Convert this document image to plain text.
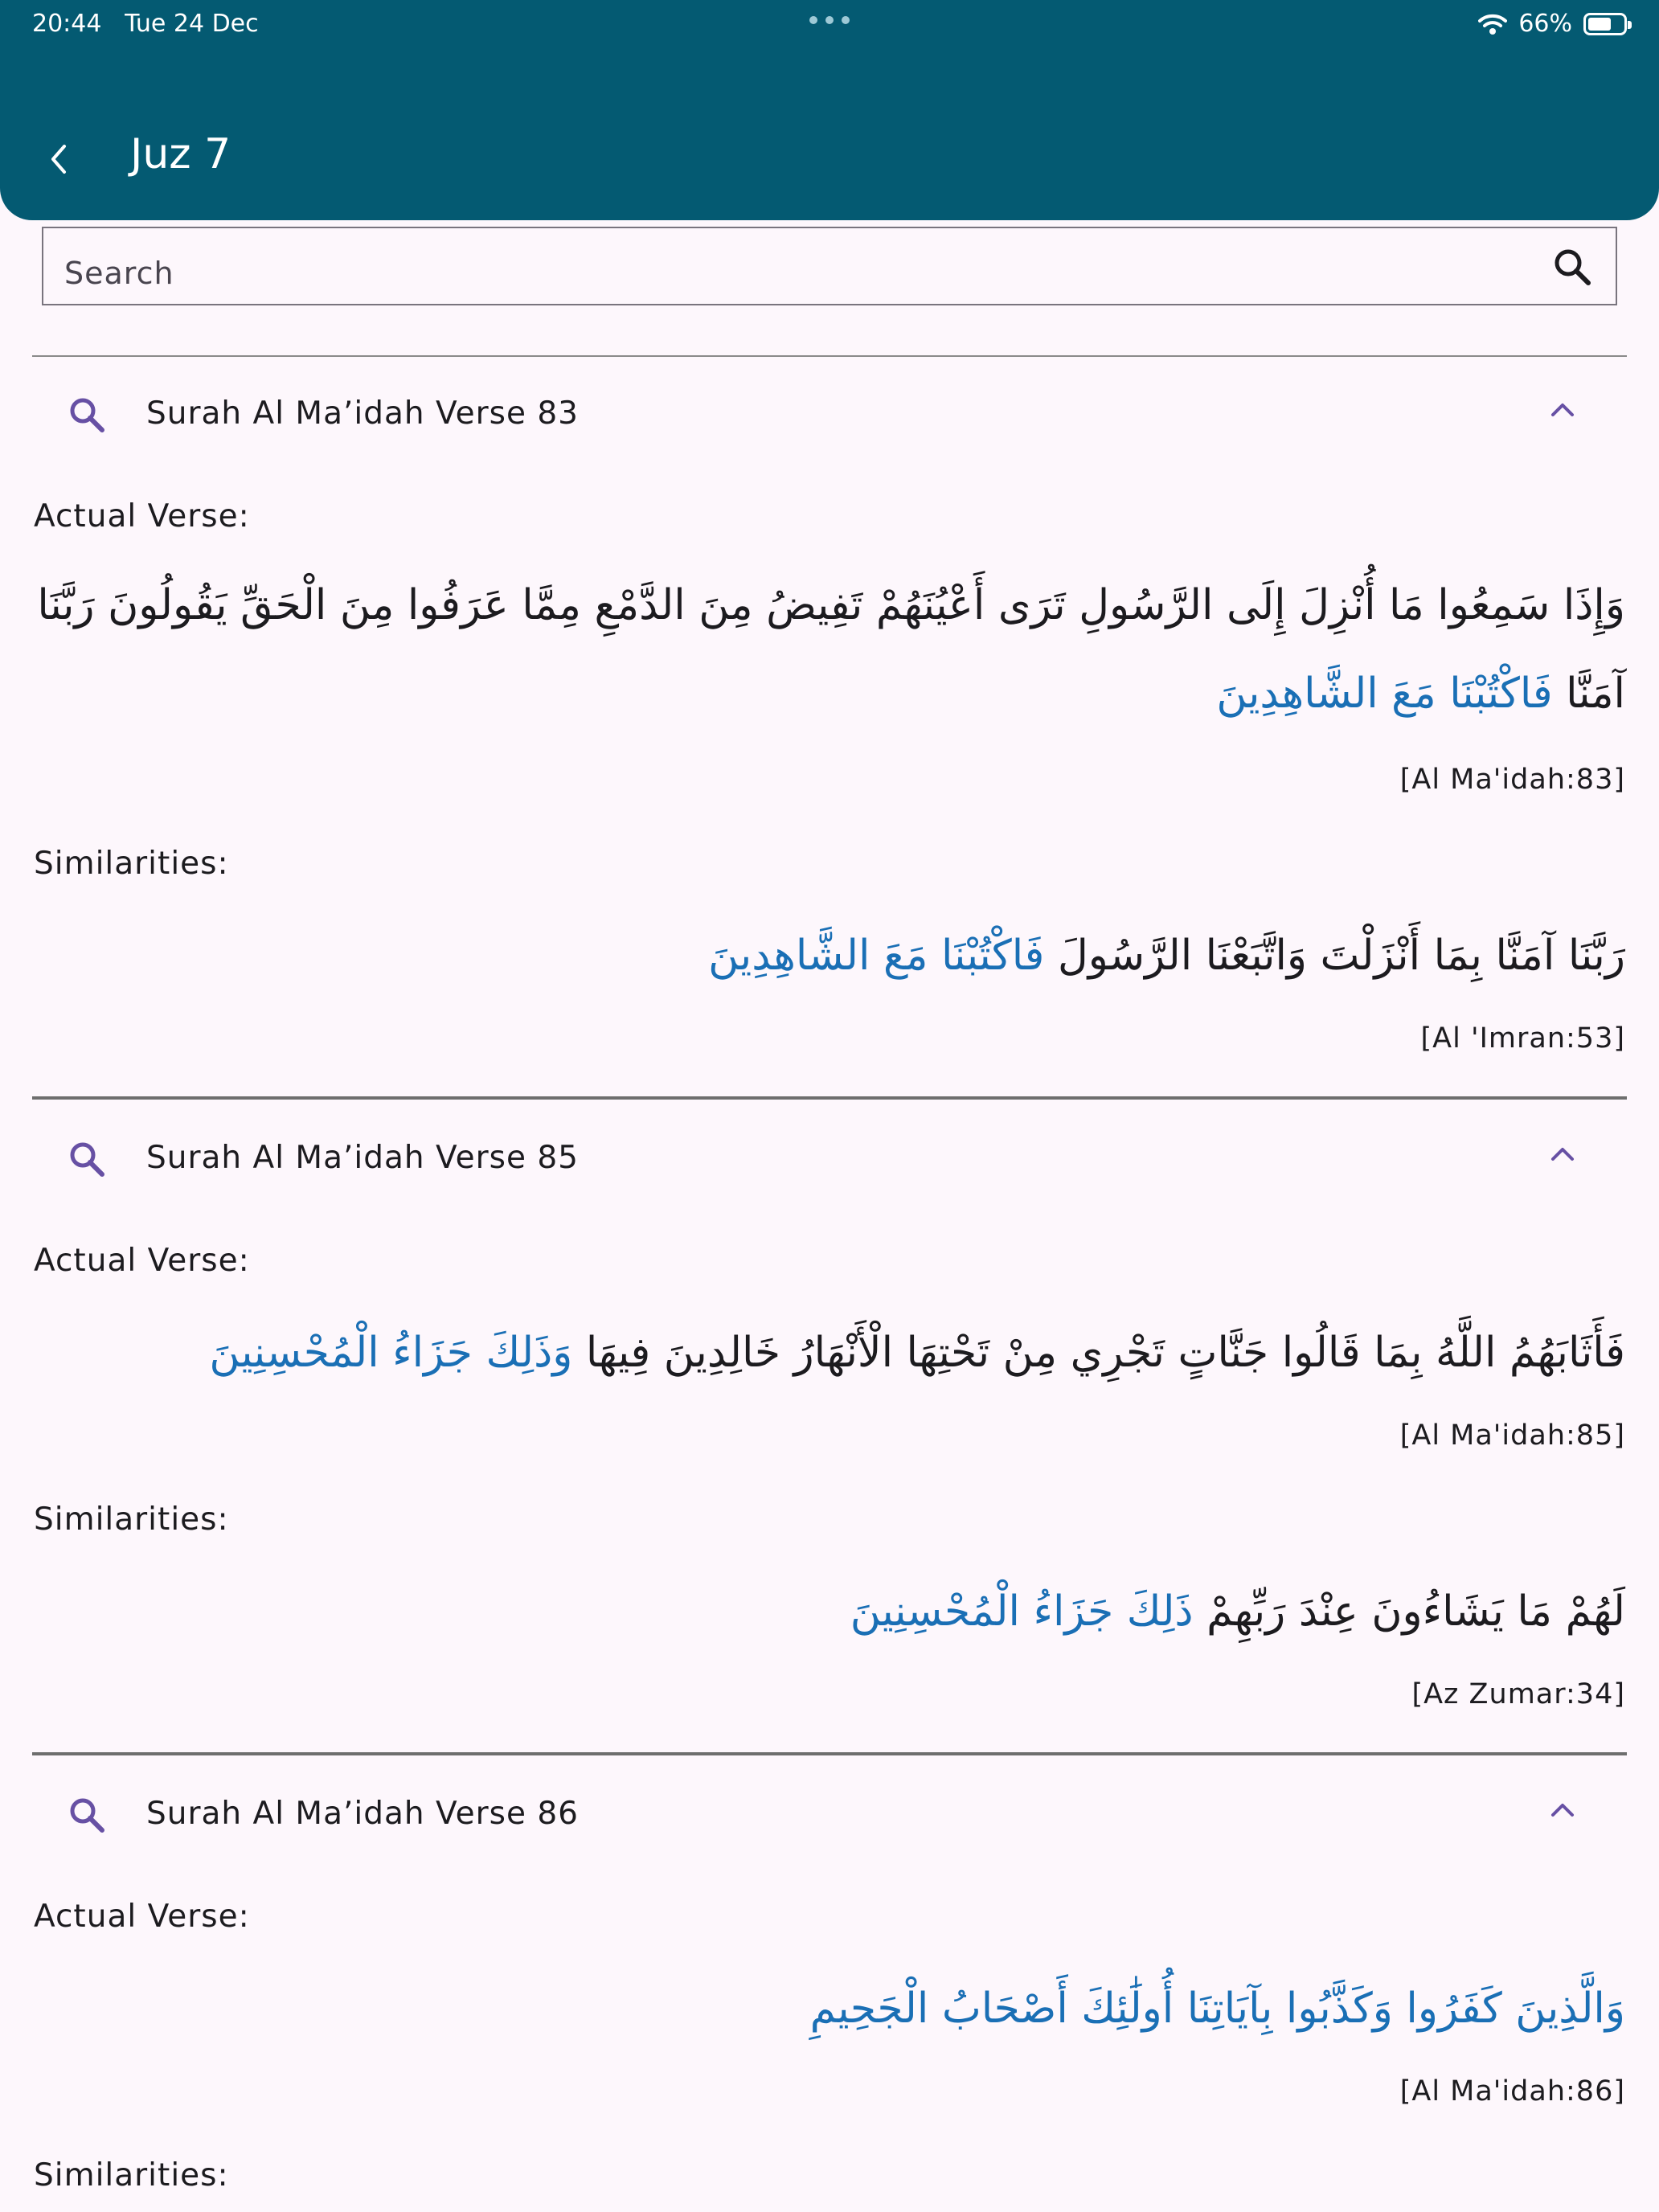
20:44 Tue 24 Dec	66%
Juz 7
Search
Surah Al Ma’idah Verse 83
Actual Verse:
وَإِذَا سَمِعُوا مَا أُنْزِلَ إِلَى الرَّسُولِ تَرَى أَعْيُنَهُمْ تَفِيضُ مِنَ الدَّمْعِ مِمَّا عَرَفُوا مِنَ الْحَقِّ يَقُولُونَ رَبَّنَا آمَنَّا فَاكْتُبْنَا مَعَ الشَّاهِدِينَ
[Al Ma'idah:83]
Similarities:
رَبَّنَا آمَنَّا بِمَا أَنْزَلْتَ وَاتَّبَعْنَا الرَّسُولَ فَاكْتُبْنَا مَعَ الشَّاهِدِينَ
[Al 'Imran:53]
Surah Al Ma’idah Verse 85
Actual Verse:
فَأَثَابَهُمُ اللَّهُ بِمَا قَالُوا جَنَّاتٍ تَجْرِي مِنْ تَحْتِهَا الْأَنْهَارُ خَالِدِينَ فِيهَا وَذَلِكَ جَزَاءُ الْمُحْسِنِينَ
[Al Ma'idah:85]
Similarities:
لَهُمْ مَا يَشَاءُونَ عِنْدَ رَبِّهِمْ ذَلِكَ جَزَاءُ الْمُحْسِنِينَ
[Az Zumar:34]
Surah Al Ma’idah Verse 86
Actual Verse:
وَالَّذِينَ كَفَرُوا وَكَذَّبُوا بِآيَاتِنَا أُولَٰئِكَ أَصْحَابُ الْجَحِيمِ
[Al Ma'idah:86]
Similarities:
